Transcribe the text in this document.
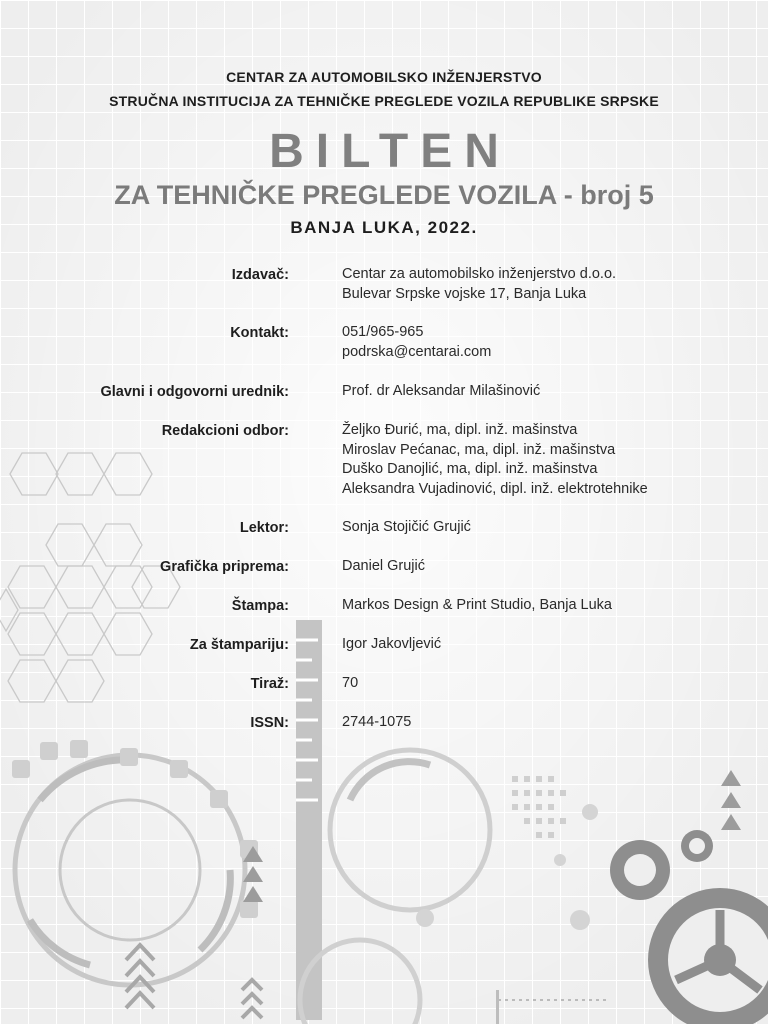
CENTAR ZA AUTOMOBILSKO INŽENJERSTVO
STRUČNA INSTITUCIJA ZA TEHNIČKE PREGLEDE VOZILA REPUBLIKE SRPSKE
BILTEN
ZA TEHNIČKE PREGLEDE VOZILA - broj 5
BANJA LUKA, 2022.
Izdavač:	Centar za automobilsko inženjerstvo d.o.o.
Bulevar Srpske vojske 17, Banja Luka
Kontakt:	051/965-965
podrska@centarai.com
Glavni i odgovorni urednik:	Prof. dr Aleksandar Milašinović
Redakcioni odbor:	Željko Đurić, ma, dipl. inž. mašinstva
Miroslav Pećanac, ma, dipl. inž. mašinstva
Duško Danojlić, ma, dipl. inž. mašinstva
Aleksandra Vujadinović, dipl. inž. elektrotehnike
Lektor:	Sonja Stojičić Grujić
Grafička priprema:	Daniel Grujić
Štampa:	Markos Design & Print Studio, Banja Luka
Za štampariju:	Igor Jakovljević
Tiraž:	70
ISSN:	2744-1075
